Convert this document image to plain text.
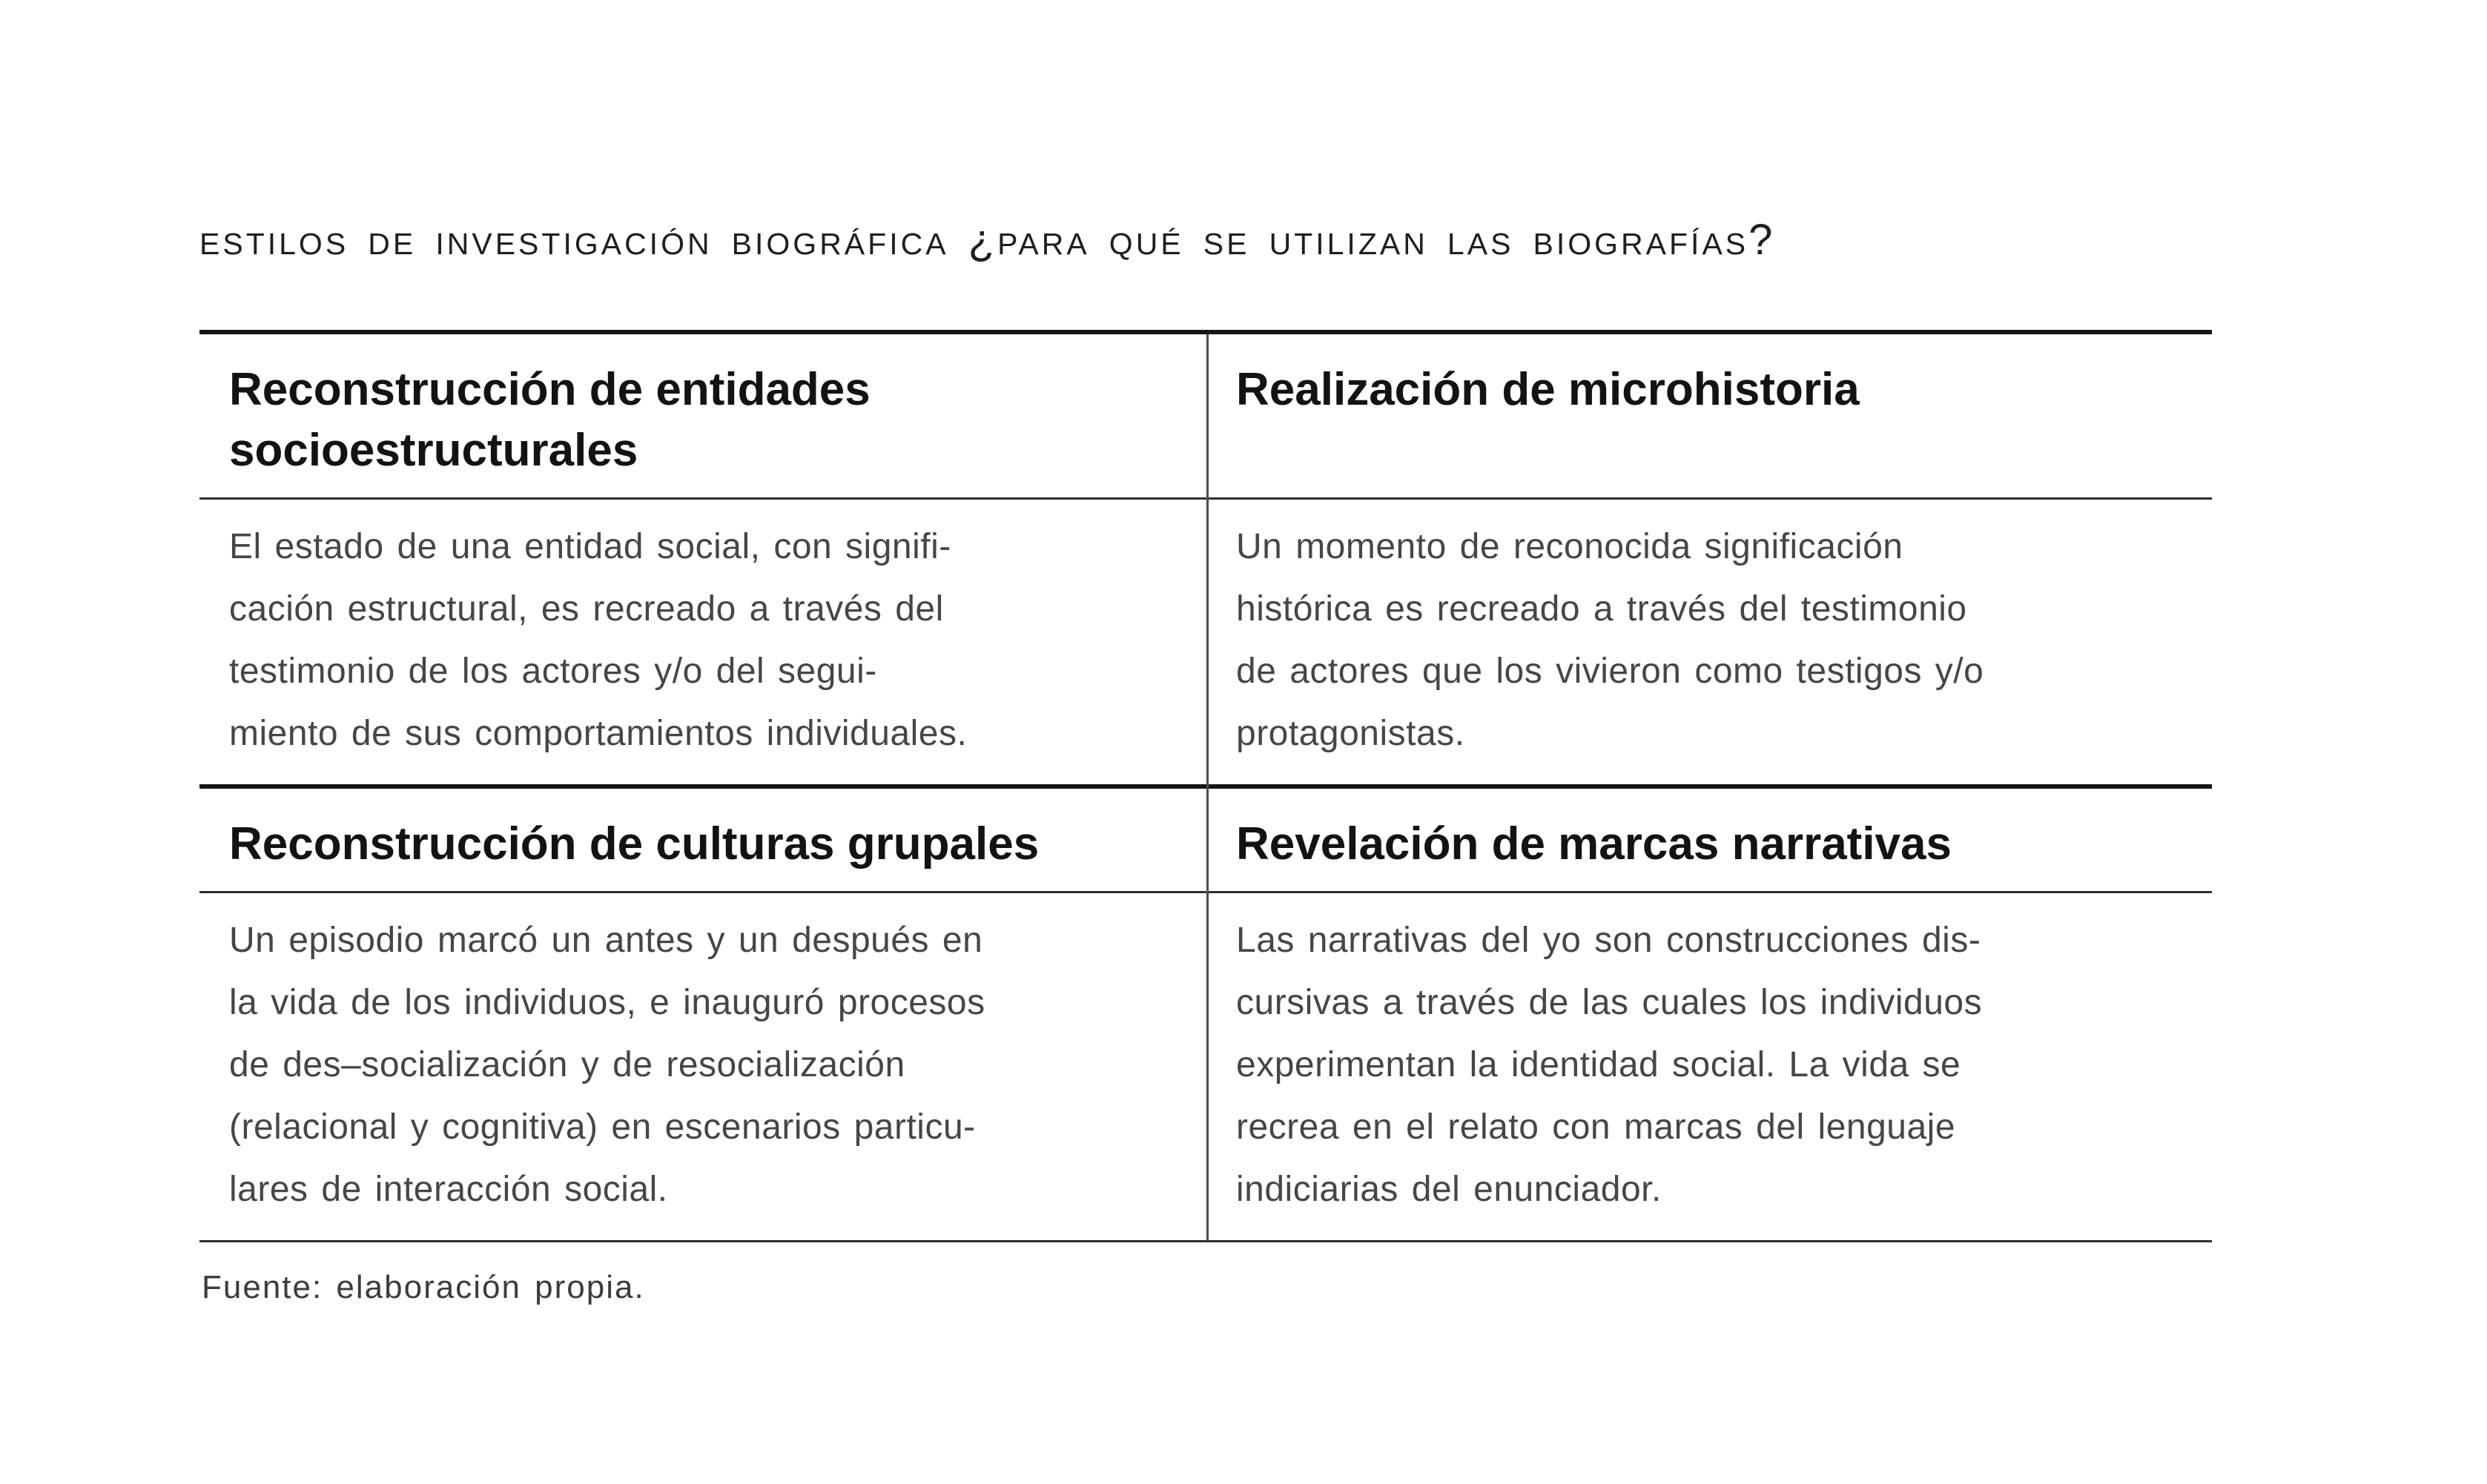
estilos de investigación biográfica ¿para qué se utilizan las biografías?
Reconstrucción de entidades socioestructurales
Realización de microhistoria
El estado de una entidad social, con signifi-
cación estructural, es recreado a través del
testimonio de los actores y/o del segui-
miento de sus comportamientos individuales.
Un momento de reconocida significación
histórica es recreado a través del testimonio
de actores que los vivieron como testigos y/o
protagonistas.
Reconstrucción de culturas grupales	Revelación de marcas narrativas
Un episodio marcó un antes y un después en
la vida de los individuos, e inauguró procesos
de des–socialización y de resocialización
(relacional y cognitiva) en escenarios particu-
lares de interacción social.
Las narrativas del yo son construcciones dis-
cursivas a través de las cuales los individuos
experimentan la identidad social. La vida se
recrea en el relato con marcas del lenguaje
indiciarias del enunciador.
Fuente: elaboración propia.
